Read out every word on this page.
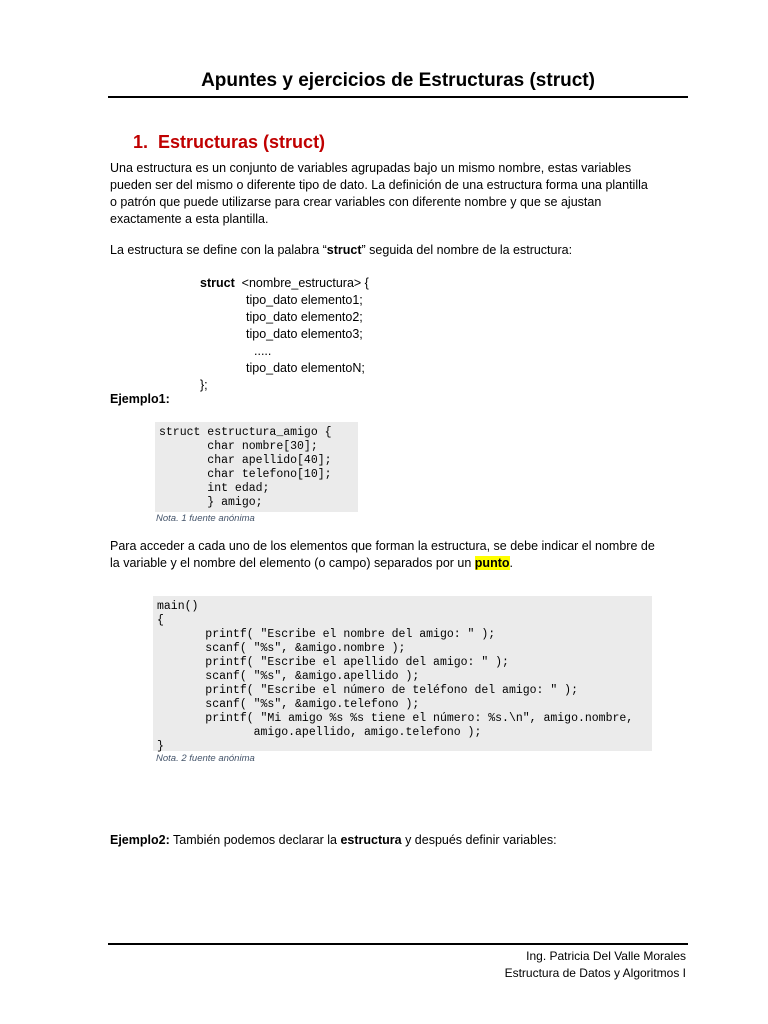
Apuntes y ejercicios de Estructuras (struct)
1. Estructuras (struct)
Una estructura es un conjunto de variables agrupadas bajo un mismo nombre, estas variables
pueden ser del mismo o diferente tipo de dato. La definición de una estructura forma una plantilla
o patrón que puede utilizarse para crear variables con diferente nombre y que se ajustan
exactamente a esta plantilla.
La estructura se define con la palabra “struct” seguida del nombre de la estructura:
struct  <nombre_estructura> {
tipo_dato elemento1;
tipo_dato elemento2;
tipo_dato elemento3;
.....
tipo_dato elementoN;
};
Ejemplo1:
struct estructura_amigo {
char nombre[30];
char apellido[40];
char telefono[10];
int edad;
} amigo;
Nota. 1 fuente anónima
Para acceder a cada uno de los elementos que forman la estructura, se debe indicar el nombre de
la variable y el nombre del elemento (o campo) separados por un punto.
main()
{
printf( "Escribe el nombre del amigo: " );
scanf( "%s", &amigo.nombre );
printf( "Escribe el apellido del amigo: " );
scanf( "%s", &amigo.apellido );
printf( "Escribe el número de teléfono del amigo: " );
scanf( "%s", &amigo.telefono );
printf( "Mi amigo %s %s tiene el número: %s.\n", amigo.nombre,
amigo.apellido, amigo.telefono );
}
Nota. 2 fuente anónima
Ejemplo2: También podemos declarar la estructura y después definir variables:
Ing. Patricia Del Valle Morales
Estructura de Datos y Algoritmos I
